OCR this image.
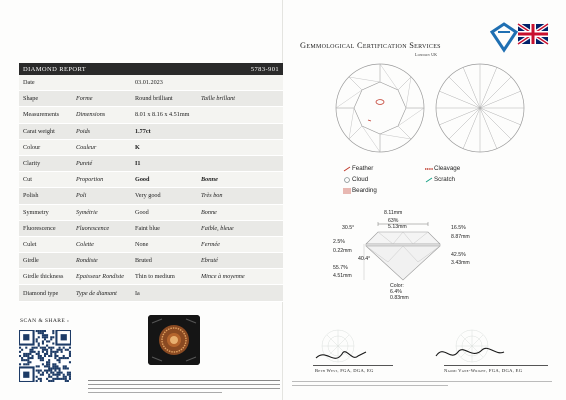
DIAMOND REPORT	5783-901
Date	03.01.2023
Shape	Forme	Round brilliant	Taille brillant
Measurements	Dimensions	8.01 x 8.16 x 4.51mm
Carat weight	Poids	1.77ct
Colour	Couleur	K
Clarity	Pureté	I1
Cut	Proportion	Good	Bonne
Polish	Poli	Very good	Très bon
Symmetry	Symétrie	Good	Bonne
Fluorescence	Fluorescence	Faint blue	Faible, bleue
Culet	Colette	None	Fermée
Girdle	Rondiste	Bruted	Ebruté
Girdle thickness	Epaisseur Rondiste	Thin to medium	Mince à moyenne
Diamond type	Type de diamant	Ia
SCAN & SHARE ›
Gemmological Certification Services
London UK
Feather
Cloud
Bearding
Cleavage
Scratch
8.11mm
63% 5.13mm
30.5°	16.5%
8.87mm
2.5%
0.22mm
40.4°
42.5%
3.43mm
55.7%
4.51mm
Color: 6.4% 0.83mm
Beth West, FGA, DGA, EG	Naomi Vane-Wright, FGA, DGA, EG
